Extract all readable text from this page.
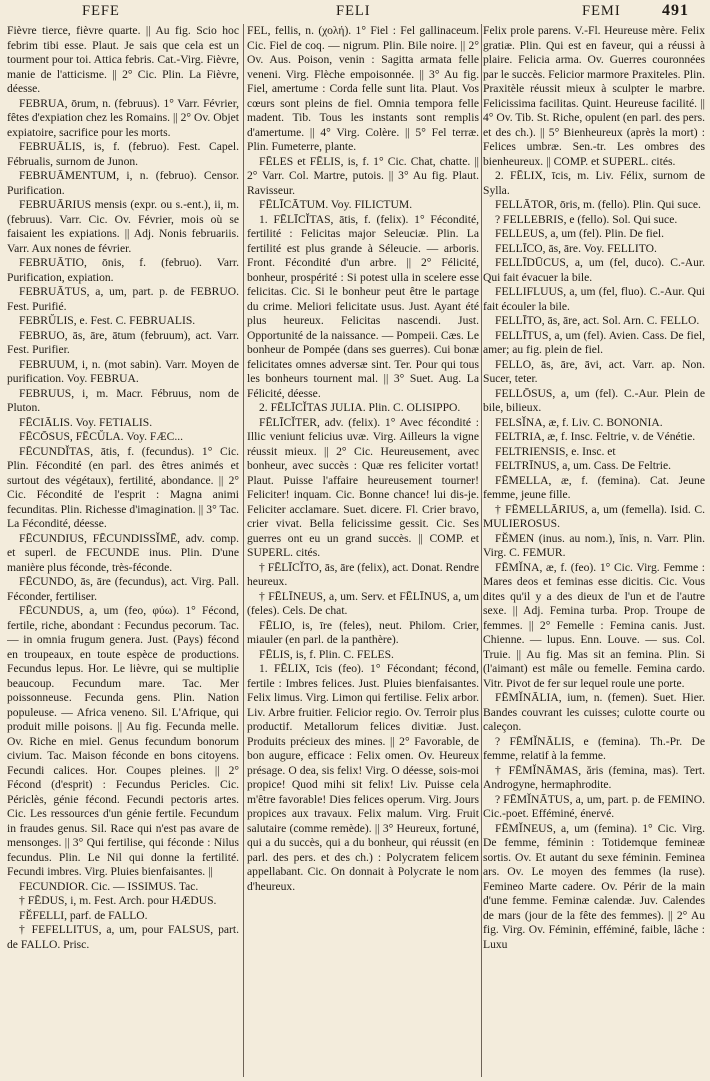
FEFE	FELI	FEMI	491

Fièvre tierce, fièvre quarte. || Au fig. Scio hoc febrim tibi esse. Plaut. Je sais que cela est un tourment pour toi. Attica febris. Cat.-Virg. Fièvre, manie de l'atticisme. || 2° Cic. Plin. La Fièvre, déesse.

FEBRUA, ōrum, n. (februus). 1° Varr. Février, fêtes d'expiation chez les Romains. || 2° Ov. Objet expiatoire, sacrifice pour les morts.

FEBRUĀLIS, is, f. (februo). Fest. Capel. Fébrualis, surnom de Junon.

FEBRUĀMENTUM, i, n. (februo). Censor. Purification.

FEBRUĀRIUS mensis (expr. ou s.-ent.), ii, m. (februus). Varr. Cic. Ov. Février, mois où se faisaient les expiations. || Adj. Nonis februariis. Varr. Aux nones de février.

FEBRUĀTIO, ōnis, f. (februo). Varr. Purification, expiation.

FEBRUĀTUS, a, um, part. p. de FEBRUO. Fest. Purifié.

FEBRŬLIS, e. Fest. C. FEBRUALIS.

FEBRUO, ās, āre, ātum (februum), act. Varr. Fest. Purifier.

FEBRUUM, i, n. (mot sabin). Varr. Moyen de purification. Voy. FEBRUA.

FEBRUUS, i, m. Macr. Fébruus, nom de Pluton.

FĒCIĀLIS. Voy. FETIALIS.

FĒCŌSUS, FĒCŬLA. Voy. FÆC...

FĒCUNDĬTAS, ātis, f. (fecundus). 1° Cic. Plin. Fécondité (en parl. des êtres animés et surtout des végétaux), fertilité, abondance. || 2° Cic. Fécondité de l'esprit : Magna animi fecunditas. Plin. Richesse d'imagination. || 3° Tac. La Fécondité, déesse.

FĒCUNDIUS, FĒCUNDISSĬMĒ, adv. comp. et superl. de FECUNDE inus. Plin. D'une manière plus féconde, très-féconde.

FĒCUNDO, ās, āre (fecundus), act. Virg. Pall. Féconder, fertiliser.

FĒCUNDUS, a, um (feo, φύω). 1° Fécond, fertile, riche, abondant : Fecundus pecorum. Tac. — in omnia frugum genera. Just. (Pays) fécond en troupeaux, en toute espèce de productions. Fecundus lepus. Hor. Le lièvre, qui se multiplie beaucoup. Fecundum mare. Tac. Mer poissonneuse. Fecunda gens. Plin. Nation populeuse. — Africa veneno. Sil. L'Afrique, qui produit mille poisons. || Au fig. Fecunda melle. Ov. Riche en miel. Genus fecundum bonorum civium. Tac. Maison féconde en bons citoyens. Fecundi calices. Hor. Coupes pleines. || 2° Fécond (d'esprit) : Fecundus Pericles. Cic. Périclès, génie fécond. Fecundi pectoris artes. Cic. Les ressources d'un génie fertile. Fecundum in fraudes genus. Sil. Race qui n'est pas avare de mensonges. || 3° Qui fertilise, qui féconde : Nilus fecundus. Plin. Le Nil qui donne la fertilité. Fecundi imbres. Virg. Pluies bienfaisantes. ||

FECUNDIOR. Cic. — ISSIMUS. Tac.

† FĒDUS, i, m. Fest. Arch. pour HÆDUS.

FĔFELLI, parf. de FALLO.

† FEFELLITUS, a, um, pour FALSUS, part. de FALLO. Prisc.

FEL, fellis, n. (χολή). 1° Fiel : Fel gallinaceum. Cic. Fiel de coq. — nigrum. Plin. Bile noire. || 2° Ov. Aus. Poison, venin : Sagitta armata felle veneni. Virg. Flèche empoisonnée. || 3° Au fig. Fiel, amertume : Corda felle sunt lita. Plaut. Vos cœurs sont pleins de fiel. Omnia tempora felle madent. Tib. Tous les instants sont remplis d'amertume. || 4° Virg. Colère. || 5° Fel terræ. Plin. Fumeterre, plante.

FĒLES et FĒLIS, is, f. 1° Cic. Chat, chatte. || 2° Varr. Col. Martre, putois. || 3° Au fig. Plaut. Ravisseur.

FĒLĪCĀTUM. Voy. FILICTUM.

1. FĒLĪCĬTAS, ātis, f. (felix). 1° Fécondité, fertilité : Felicitas major Seleuciæ. Plin. La fertilité est plus grande à Séleucie. — arboris. Front. Fécondité d'un arbre. || 2° Félicité, bonheur, prospérité : Si potest ulla in scelere esse felicitas. Cic. Si le bonheur peut être le partage du crime. Meliori felicitate usus. Just. Ayant été plus heureux. Felicitas nascendi. Just. Opportunité de la naissance. — Pompeii. Cæs. Le bonheur de Pompée (dans ses guerres). Cui bonæ felicitates omnes adversæ sint. Ter. Pour qui tous les bonheurs tournent mal. || 3° Suet. Aug. La Félicité, déesse.

2. FĒLĪCĬTAS JULIA. Plin. C. OLISIPPO.

FĒLĪCĬTER, adv. (felix). 1° Avec fécondité : Illic veniunt felicius uvæ. Virg. Ailleurs la vigne réussit mieux. || 2° Cic. Heureusement, avec bonheur, avec succès : Quæ res feliciter vortat! Plaut. Puisse l'affaire heureusement tourner! Feliciter! inquam. Cic. Bonne chance! lui dis-je. Feliciter acclamare. Suet. dicere. Fl. Crier bravo, crier vivat. Bella felicissime gessit. Cic. Ses guerres ont eu un grand succès. || COMP. et SUPERL. cités.

† FĒLĪCĬTO, ās, āre (felix), act. Donat. Rendre heureux.

† FĒLĪNEUS, a, um. Serv. et FĒLĪNUS, a, um (feles). Cels. De chat.

FĒLIO, is, īre (feles), neut. Philom. Crier, miauler (en parl. de la panthère).

FĒLIS, is, f. Plin. C. FELES.

1. FĒLIX, īcis (feo). 1° Fécondant; fécond, fertile : Imbres felices. Just. Pluies bienfaisantes. Felix limus. Virg. Limon qui fertilise. Felix arbor. Liv. Arbre fruitier. Felicior regio. Ov. Terroir plus productif. Metallorum felices divitiæ. Just. Produits précieux des mines. || 2° Favorable, de bon augure, efficace : Felix omen. Ov. Heureux présage. O dea, sis felix! Virg. O déesse, sois-moi propice! Quod mihi sit felix! Liv. Puisse cela m'être favorable! Dies felices operum. Virg. Jours propices aux travaux. Felix malum. Virg. Fruit salutaire (comme remède). || 3° Heureux, fortuné, qui a du succès, qui a du bonheur, qui réussit (en parl. des pers. et des ch.) : Polycratem felicem appellabant. Cic. On donnait à Polycrate le nom d'heureux.

Felix prole parens. V.-Fl. Heureuse mère. Felix gratiæ. Plin. Qui est en faveur, qui a réussi à plaire. Felicia arma. Ov. Guerres couronnées par le succès. Felicior marmore Praxiteles. Plin. Praxitèle réussit mieux à sculpter le marbre. Felicissima facilitas. Quint. Heureuse facilité. || 4° Ov. Tib. St. Riche, opulent (en parl. des pers. et des ch.). || 5° Bienheureux (après la mort) : Felices umbræ. Sen.-tr. Les ombres des bienheureux. || COMP. et SUPERL. cités.

2. FĒLIX, īcis, m. Liv. Félix, surnom de Sylla.

FELLĀTOR, ōris, m. (fello). Plin. Qui suce.

? FELLEBRIS, e (fello). Sol. Qui suce.

FELLEUS, a, um (fel). Plin. De fiel.

FELLĪCO, ās, āre. Voy. FELLITO.

FELLĪDŪCUS, a, um (fel, duco). C.-Aur. Qui fait évacuer la bile.

FELLIFLUUS, a, um (fel, fluo). C.-Aur. Qui fait écouler la bile.

FELLĪTO, ās, āre, act. Sol. Arn. C. FELLO.

FELLĪTUS, a, um (fel). Avien. Cass. De fiel, amer; au fig. plein de fiel.

FELLO, ās, āre, āvi, act. Varr. ap. Non. Sucer, teter.

FELLŌSUS, a, um (fel). C.-Aur. Plein de bile, bilieux.

FELSĬNA, æ, f. Liv. C. BONONIA.

FELTRIA, æ, f. Insc. Feltrie, v. de Vénétie.

FELTRIENSIS, e. Insc. et

FELTRĪNUS, a, um. Cass. De Feltrie.

FĒMELLA, æ, f. (femina). Cat. Jeune femme, jeune fille.

† FĒMELLĀRIUS, a, um (femella). Isid. C. MULIEROSUS.

FĔMEN (inus. au nom.), ĭnis, n. Varr. Plin. Virg. C. FEMUR.

FĒMĬNA, æ, f. (feo). 1° Cic. Virg. Femme : Mares deos et feminas esse dicitis. Cic. Vous dites qu'il y a des dieux de l'un et de l'autre sexe. || Adj. Femina turba. Prop. Troupe de femmes. || 2° Femelle : Femina canis. Just. Chienne. — lupus. Enn. Louve. — sus. Col. Truie. || Au fig. Mas sit an femina. Plin. Si (l'aimant) est mâle ou femelle. Femina cardo. Vitr. Pivot de fer sur lequel roule une porte.

FĒMĬNĀLIA, ium, n. (femen). Suet. Hier. Bandes couvrant les cuisses; culotte courte ou caleçon.

? FĒMĬNĀLIS, e (femina). Th.-Pr. De femme, relatif à la femme.

† FĒMĬNĀMAS, ăris (femina, mas). Tert. Androgyne, hermaphrodite.

? FĒMĬNĀTUS, a, um, part. p. de FEMINO. Cic.-poet. Efféminé, énervé.

FĒMĬNEUS, a, um (femina). 1° Cic. Virg. De femme, féminin : Totidemque femineæ sortis. Ov. Et autant du sexe féminin. Feminea ars. Ov. Le moyen des femmes (la ruse). Femineo Marte cadere. Ov. Périr de la main d'une femme. Feminæ calendæ. Juv. Calendes de mars (jour de la fête des femmes). || 2° Au fig. Virg. Ov. Féminin, efféminé, faible, lâche : Luxu
